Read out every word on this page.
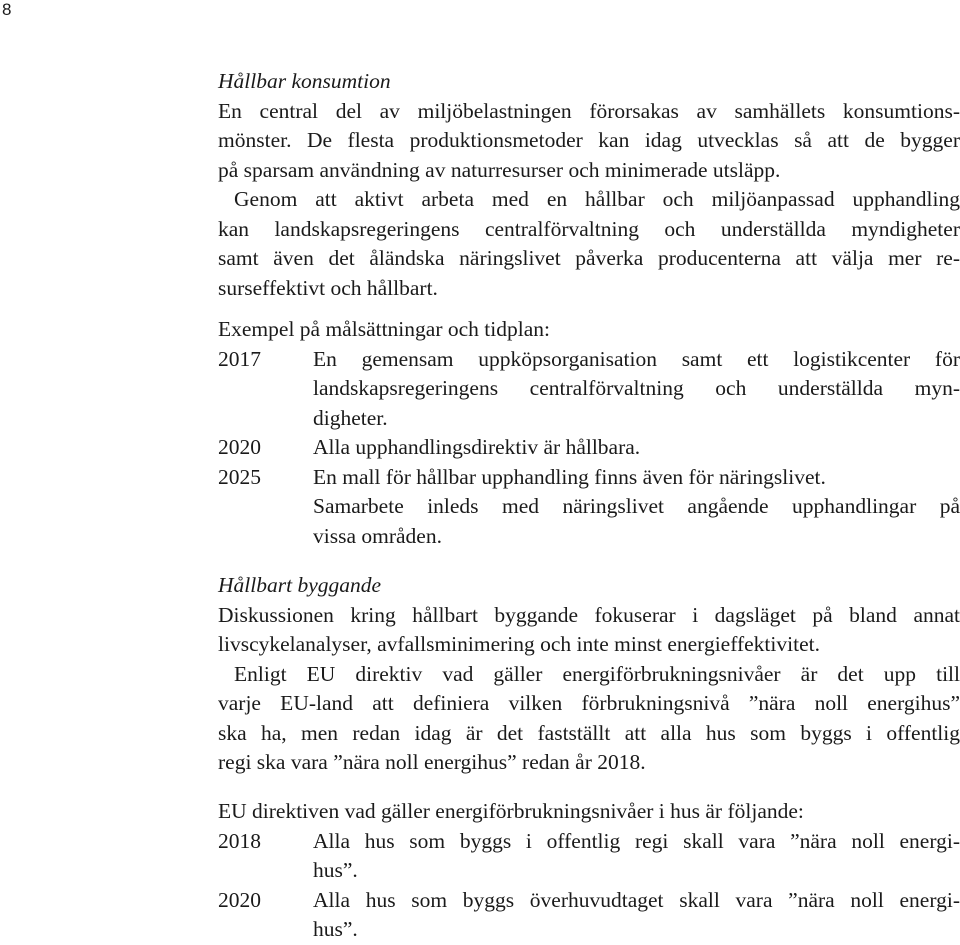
8
Hållbar konsumtion
En central del av miljöbelastningen förorsakas av samhällets konsumtions-
mönster. De flesta produktionsmetoder kan idag utvecklas så att de bygger
på sparsam användning av naturresurser och minimerade utsläpp.
Genom att aktivt arbeta med en hållbar och miljöanpassad upphandling
kan landskapsregeringens centralförvaltning och underställda myndigheter
samt även det åländska näringslivet påverka producenterna att välja mer re-
surseffektivt och hållbart.
Exempel på målsättningar och tidplan:
2017	En gemensam uppköpsorganisation samt ett logistikcenter för
landskapsregeringens centralförvaltning och underställda myn-
digheter.
2020	Alla upphandlingsdirektiv är hållbara.
2025	En mall för hållbar upphandling finns även för näringslivet.
Samarbete inleds med näringslivet angående upphandlingar på
vissa områden.
Hållbart byggande
Diskussionen kring hållbart byggande fokuserar i dagsläget på bland annat
livscykelanalyser, avfallsminimering och inte minst energieffektivitet.
Enligt EU direktiv vad gäller energiförbrukningsnivåer är det upp till
varje EU-land att definiera vilken förbrukningsnivå ”nära noll energihus”
ska ha, men redan idag är det fastställt att alla hus som byggs i offentlig
regi ska vara ”nära noll energihus” redan år 2018.
EU direktiven vad gäller energiförbrukningsnivåer i hus är följande:
2018	Alla hus som byggs i offentlig regi skall vara ”nära noll energi-
hus”.
2020	Alla hus som byggs överhuvudtaget skall vara ”nära noll energi-
hus”.
